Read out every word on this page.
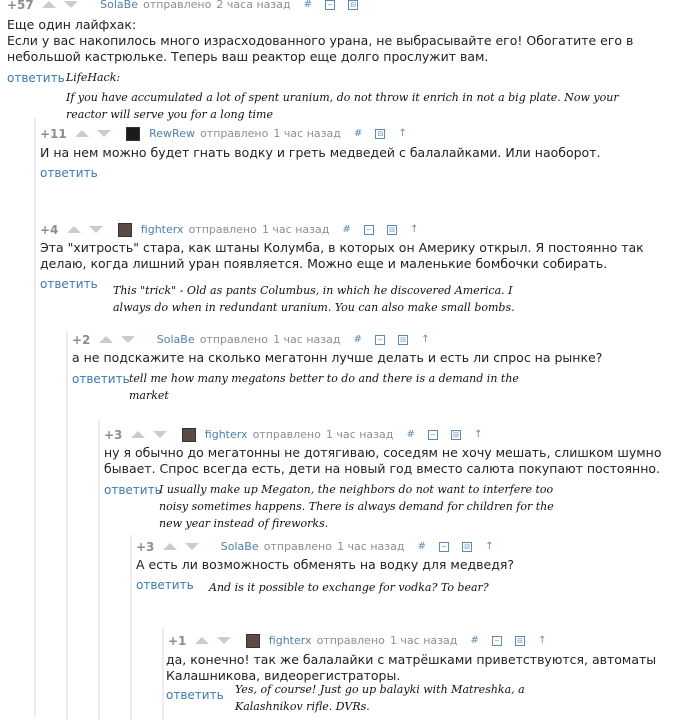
+57	SolaBe отправлено 2 часа назад # − ⊟
Еще один лайфхак:
Если у вас накопилось много израсходованного урана, не выбрасывайте его! Обогатите его в небольшой кастрюльке. Теперь ваш реактор еще долго прослужит вам.
ответить LifeHack:
If you have accumulated a lot of spent uranium, do not throw it enrich in not a big plate. Now your reactor will serve you for a long time
+11	RewRew отправлено 1 час назад # ⊟ ↑
И на нем можно будет гнать водку и греть медведей с балалайками. Или наоборот.
ответить
+4	fighterx отправлено 1 час назад # − ⊟ ↑
Эта "хитрость" стара, как штаны Колумба, в которых он Америку открыл. Я постоянно так делаю, когда лишний уран появляется. Можно еще и маленькие бомбочки собирать.
ответить This "trick" - Old as pants Columbus, in which he discovered America. I always do when in redundant uranium. You can also make small bombs.
+2	SolaBe отправлено 1 час назад # − ⊟ ↑
а не подскажите на сколько мегатонн лучше делать и есть ли спрос на рынке?
ответить tell me how many megatons better to do and there is a demand in the market
+3	fighterx отправлено 1 час назад # − ⊟ ↑
ну я обычно до мегатонны не дотягиваю, соседям не хочу мешать, слишком шумно бывает. Спрос всегда есть, дети на новый год вместо салюта покупают постоянно.
ответить
I usually make up Megaton, the neighbors do not want to interfere too noisy sometimes happens. There is always demand for children for the new year instead of fireworks.
+3	SolaBe отправлено 1 час назад # − ⊟ ↑
А есть ли возможность обменять на водку для медведя?
ответить And is it possible to exchange for vodka? To bear?
+1	fighterx отправлено 1 час назад # − ⊟ ↑
да, конечно! так же балалайки с матрёшками приветствуются, автоматы Калашникова, видеорегистраторы.
ответить Yes, of course! Just go up balayki with Matreshka, a Kalashnikov rifle. DVRs.
